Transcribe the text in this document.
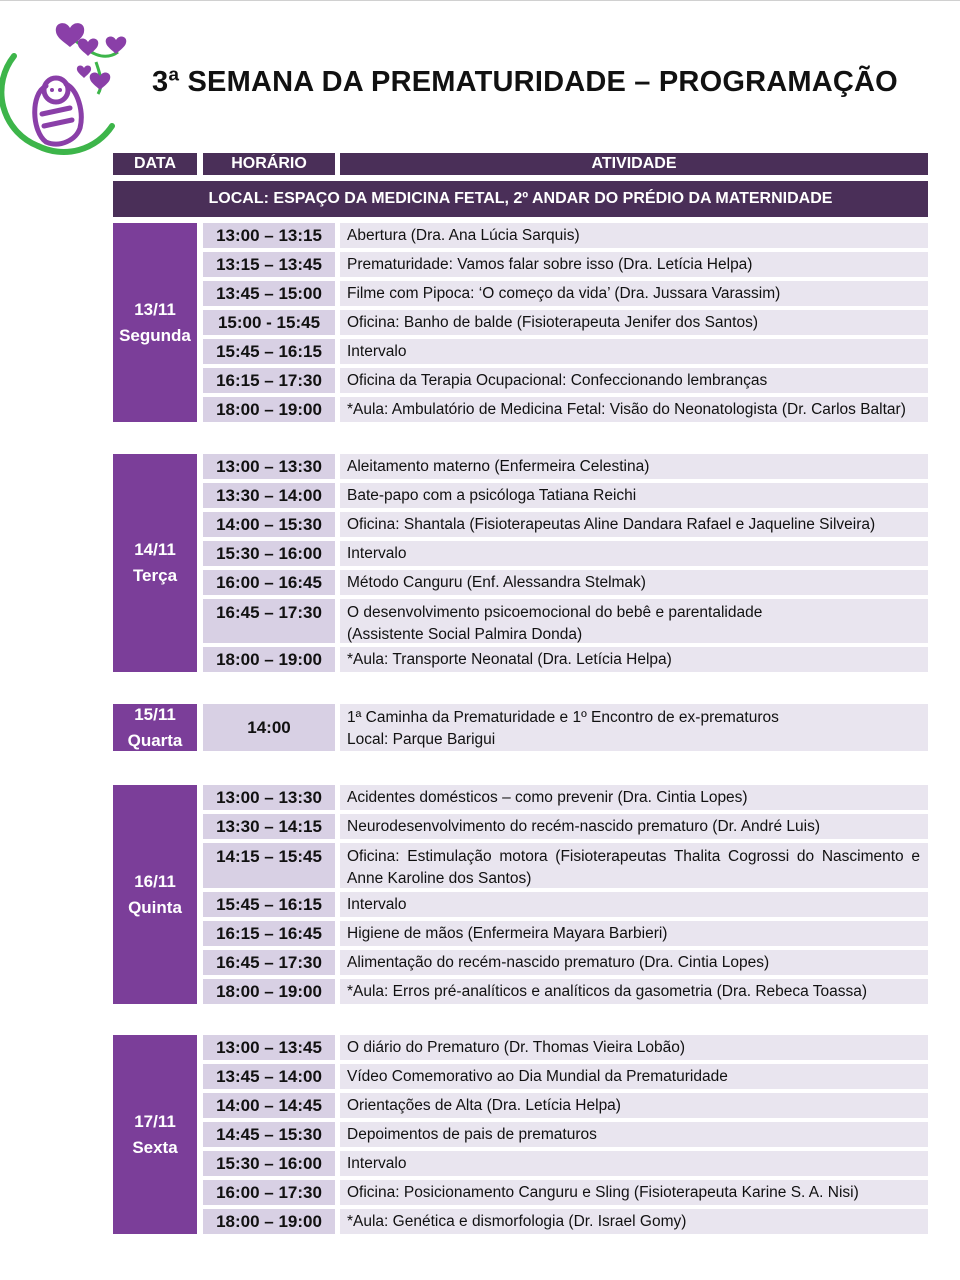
3ª SEMANA DA PREMATURIDADE – PROGRAMAÇÃO
DATA	HORÁRIO	ATIVIDADE
LOCAL: ESPAÇO DA MEDICINA FETAL, 2º ANDAR DO PRÉDIO DA MATERNIDADE
13/11
Segunda
13:00 – 13:15	Abertura (Dra. Ana Lúcia Sarquis)
13:15 – 13:45	Prematuridade: Vamos falar sobre isso (Dra. Letícia Helpa)
13:45 – 15:00	Filme com Pipoca: ‘O começo da vida’ (Dra. Jussara Varassim)
15:00 - 15:45	Oficina: Banho de balde (Fisioterapeuta Jenifer dos Santos)
15:45 – 16:15	Intervalo
16:15 – 17:30	Oficina da Terapia Ocupacional: Confeccionando lembranças
18:00 – 19:00	*Aula: Ambulatório de Medicina Fetal: Visão do Neonatologista (Dr. Carlos Baltar)
14/11
Terça
13:00 – 13:30	Aleitamento materno (Enfermeira Celestina)
13:30 – 14:00	Bate-papo com a psicóloga Tatiana Reichi
14:00 – 15:30	Oficina: Shantala (Fisioterapeutas Aline Dandara Rafael e Jaqueline Silveira)
15:30 – 16:00	Intervalo
16:00 – 16:45	Método Canguru (Enf. Alessandra Stelmak)
16:45 – 17:30	O desenvolvimento psicoemocional do bebê e parentalidade
(Assistente Social Palmira Donda)
18:00 – 19:00	*Aula: Transporte Neonatal (Dra. Letícia Helpa)
15/11
Quarta
14:00	1ª Caminha da Prematuridade e 1º Encontro de ex-prematuros
Local: Parque Barigui
16/11
Quinta
13:00 – 13:30	Acidentes domésticos – como prevenir (Dra. Cintia Lopes)
13:30 – 14:15	Neurodesenvolvimento do recém-nascido prematuro (Dr. André Luis)
14:15 – 15:45	Oficina: Estimulação motora (Fisioterapeutas Thalita Cogrossi do Nascimento e Anne Karoline dos Santos)
15:45 – 16:15	Intervalo
16:15 – 16:45	Higiene de mãos (Enfermeira Mayara Barbieri)
16:45 – 17:30	Alimentação do recém-nascido prematuro (Dra. Cintia Lopes)
18:00 – 19:00	*Aula: Erros pré-analíticos e analíticos da gasometria (Dra. Rebeca Toassa)
17/11
Sexta
13:00 – 13:45	O diário do Prematuro (Dr. Thomas Vieira Lobão)
13:45 – 14:00	Vídeo Comemorativo ao Dia Mundial da Prematuridade
14:00 – 14:45	Orientações de Alta (Dra. Letícia Helpa)
14:45 – 15:30	Depoimentos de pais de prematuros
15:30 – 16:00	Intervalo
16:00 – 17:30	Oficina: Posicionamento Canguru e Sling (Fisioterapeuta Karine S. A. Nisi)
18:00 – 19:00	*Aula: Genética e dismorfologia (Dr. Israel Gomy)
